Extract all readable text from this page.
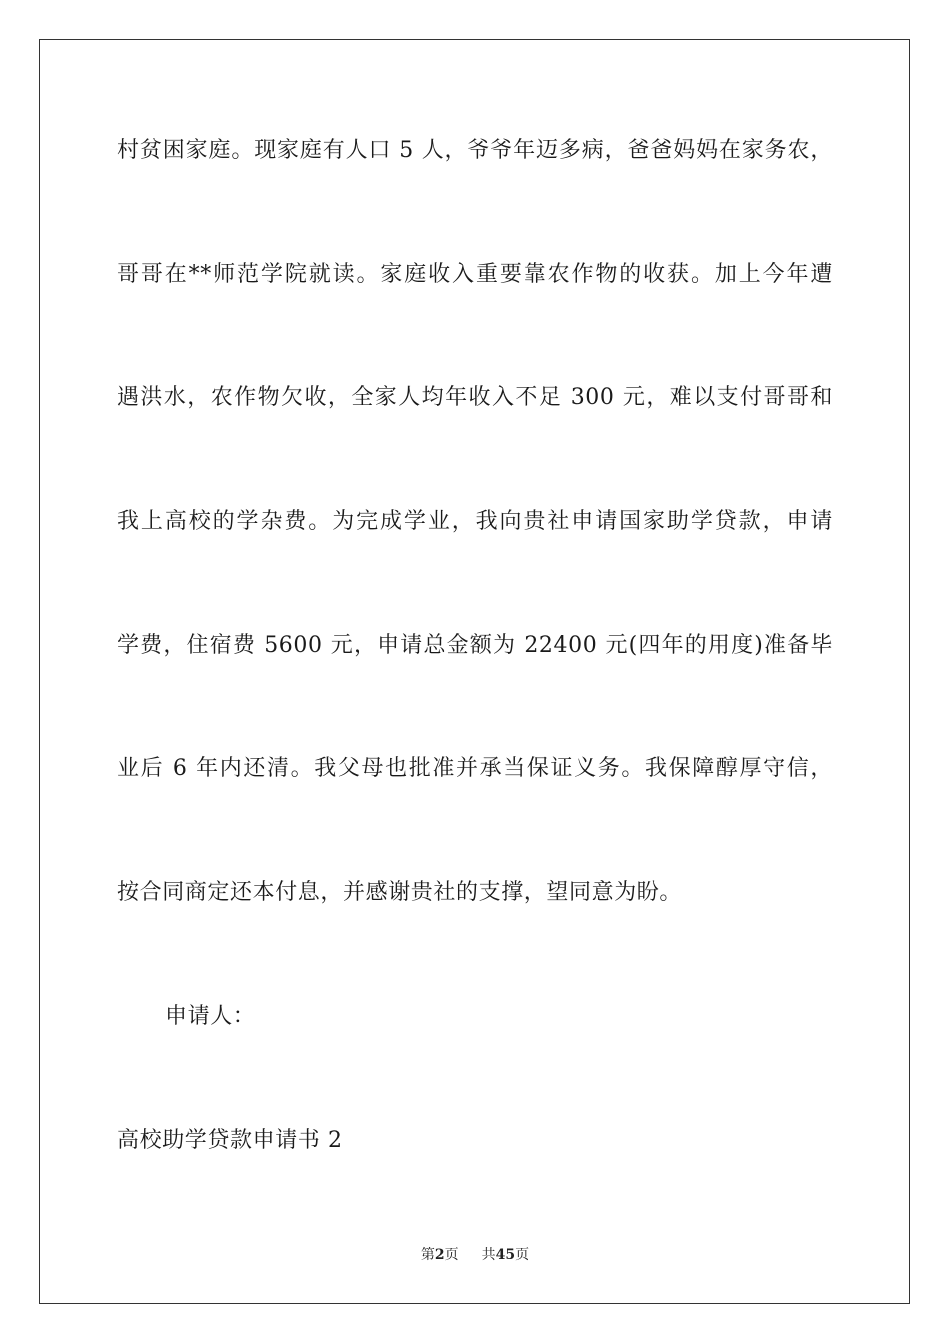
村贫困家庭。现家庭有人口 5 人，爷爷年迈多病，爸爸妈妈在家务农，
哥哥在**师范学院就读。家庭收入重要靠农作物的收获。加上今年遭
遇洪水，农作物欠收，全家人均年收入不足 300 元，难以支付哥哥和
我上高校的学杂费。为完成学业，我向贵社申请国家助学贷款，申请
学费，住宿费 5600 元，申请总金额为 22400 元(四年的用度)准备毕
业后 6 年内还清。我父母也批准并承当保证义务。我保障醇厚守信，
按合同商定还本付息，并感谢贵社的支撑，望同意为盼。
申请人：
高校助学贷款申请书 2
第2页 共45页
